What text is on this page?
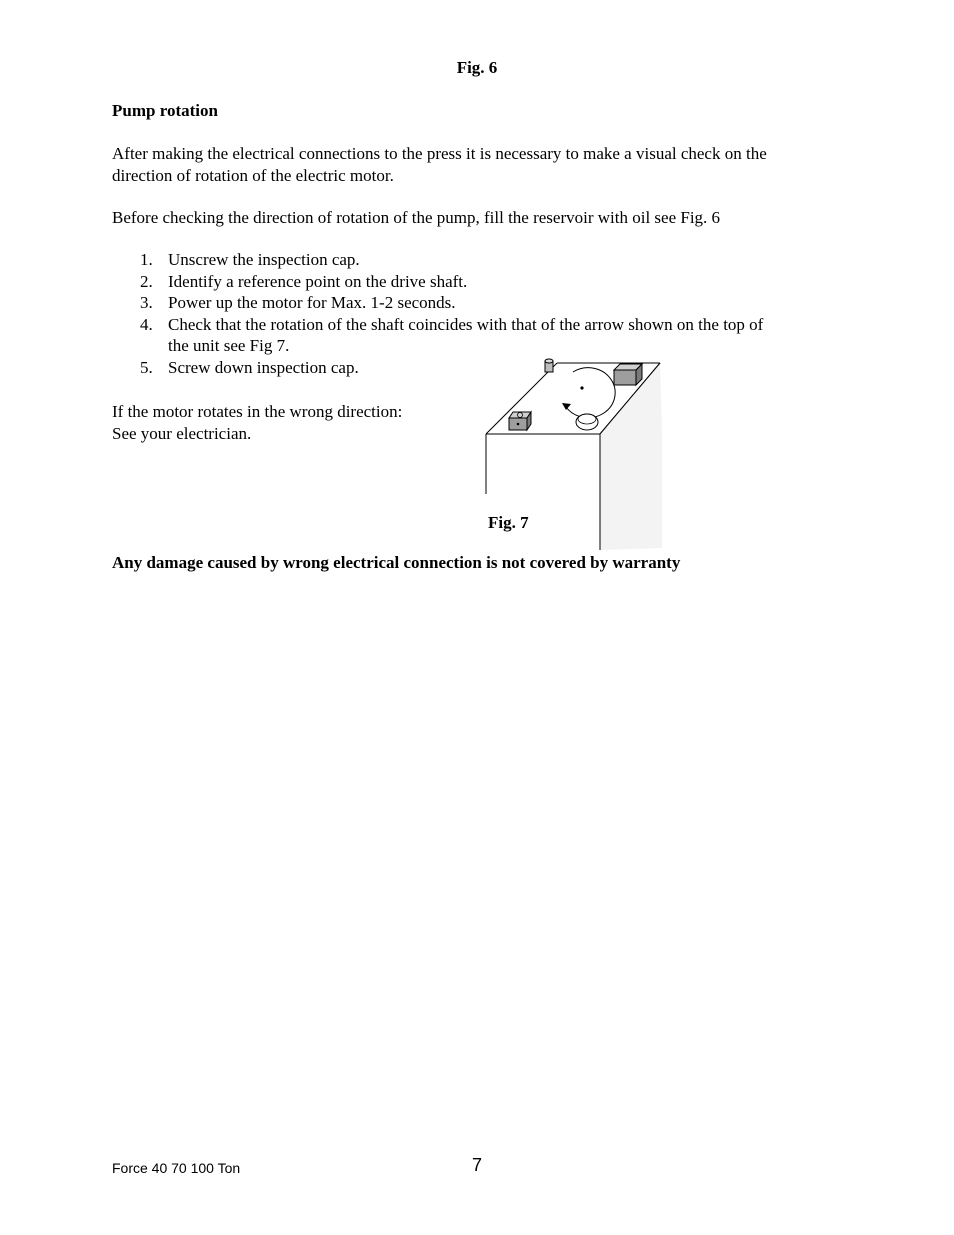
Fig. 6
Pump rotation
After making the electrical connections to the press it is necessary to make a visual check on the
direction of rotation of the electric motor.
Before checking the direction of rotation of the pump, fill the reservoir with oil see Fig. 6
1. Unscrew the inspection cap.
2. Identify a reference point on the drive shaft.
3. Power up the motor for Max. 1-2 seconds.
4. Check that the rotation of the shaft coincides with that of the arrow shown on the top of
the unit see Fig 7.
5. Screw down inspection cap.
If the motor rotates in the wrong direction:
See your electrician.
Fig. 7
Any damage caused by wrong electrical connection is not covered by warranty
Force 40 70 100 Ton	7
